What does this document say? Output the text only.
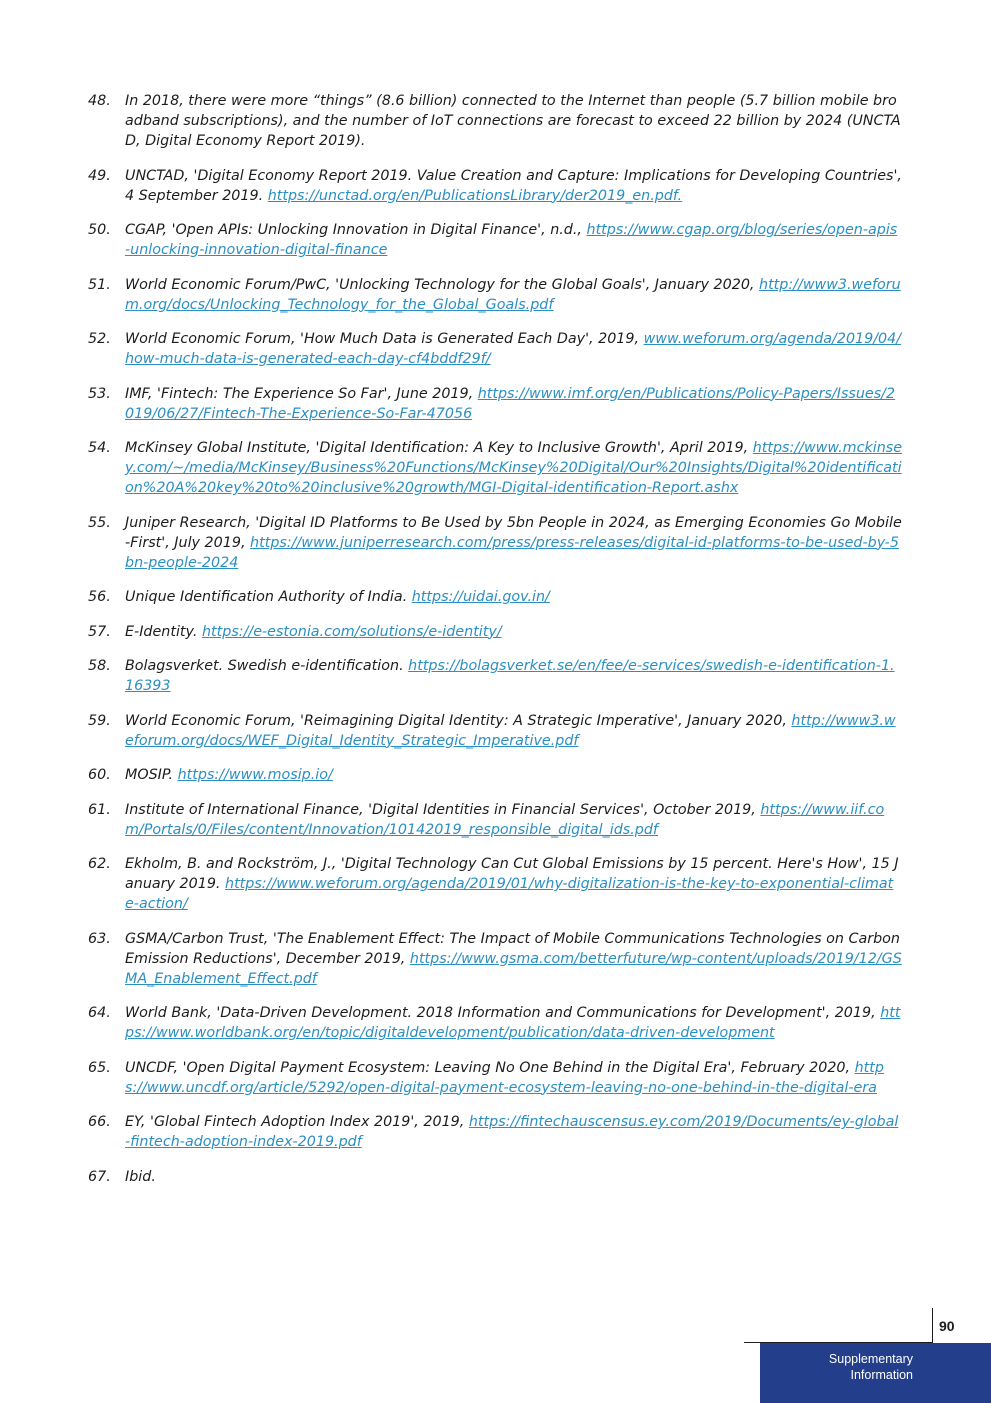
48. In 2018, there were more “things” (8.6 billion) connected to the Internet than people (5.7 billion mobile broadband subscriptions), and the number of IoT connections are forecast to exceed 22 billion by 2024 (UNCTAD, Digital Economy Report 2019).
49. UNCTAD, 'Digital Economy Report 2019. Value Creation and Capture: Implications for Developing Countries', 4 September 2019. https://unctad.org/en/PublicationsLibrary/der2019_en.pdf.
50. CGAP, 'Open APIs: Unlocking Innovation in Digital Finance', n.d., https://www.cgap.org/blog/series/open-apis-unlocking-innovation-digital-finance
51. World Economic Forum/PwC, 'Unlocking Technology for the Global Goals', January 2020, http://www3.weforum.org/docs/Unlocking_Technology_for_the_Global_Goals.pdf
52. World Economic Forum, 'How Much Data is Generated Each Day', 2019, www.weforum.org/agenda/2019/04/how-much-data-is-generated-each-day-cf4bddf29f/
53. IMF, 'Fintech: The Experience So Far', June 2019, https://www.imf.org/en/Publications/Policy-Papers/Issues/2019/06/27/Fintech-The-Experience-So-Far-47056
54. McKinsey Global Institute, 'Digital Identification: A Key to Inclusive Growth', April 2019, https://www.mckinsey.com/~/media/McKinsey/Business%20Functions/McKinsey%20Digital/Our%20Insights/Digital%20identification%20A%20key%20to%20inclusive%20growth/MGI-Digital-identification-Report.ashx
55. Juniper Research, 'Digital ID Platforms to Be Used by 5bn People in 2024, as Emerging Economies Go Mobile-First', July 2019, https://www.juniperresearch.com/press/press-releases/digital-id-platforms-to-be-used-by-5bn-people-2024
56. Unique Identification Authority of India. https://uidai.gov.in/
57. E-Identity. https://e-estonia.com/solutions/e-identity/
58. Bolagsverket. Swedish e-identification. https://bolagsverket.se/en/fee/e-services/swedish-e-identification-1.16393
59. World Economic Forum, 'Reimagining Digital Identity: A Strategic Imperative', January 2020, http://www3.weforum.org/docs/WEF_Digital_Identity_Strategic_Imperative.pdf
60. MOSIP. https://www.mosip.io/
61. Institute of International Finance, 'Digital Identities in Financial Services', October 2019, https://www.iif.com/Portals/0/Files/content/Innovation/10142019_responsible_digital_ids.pdf
62. Ekholm, B. and Rockström, J., 'Digital Technology Can Cut Global Emissions by 15 percent. Here's How', 15 January 2019. https://www.weforum.org/agenda/2019/01/why-digitalization-is-the-key-to-exponential-climate-action/
63. GSMA/Carbon Trust, 'The Enablement Effect: The Impact of Mobile Communications Technologies on Carbon Emission Reductions', December 2019, https://www.gsma.com/betterfuture/wp-content/uploads/2019/12/GSMA_Enablement_Effect.pdf
64. World Bank, 'Data-Driven Development. 2018 Information and Communications for Development', 2019, https://www.worldbank.org/en/topic/digitaldevelopment/publication/data-driven-development
65. UNCDF, 'Open Digital Payment Ecosystem: Leaving No One Behind in the Digital Era', February 2020, https://www.uncdf.org/article/5292/open-digital-payment-ecosystem-leaving-no-one-behind-in-the-digital-era
66. EY, 'Global Fintech Adoption Index 2019', 2019, https://fintechauscensus.ey.com/2019/Documents/ey-global-fintech-adoption-index-2019.pdf
67. Ibid.
90
Supplementary
Information
